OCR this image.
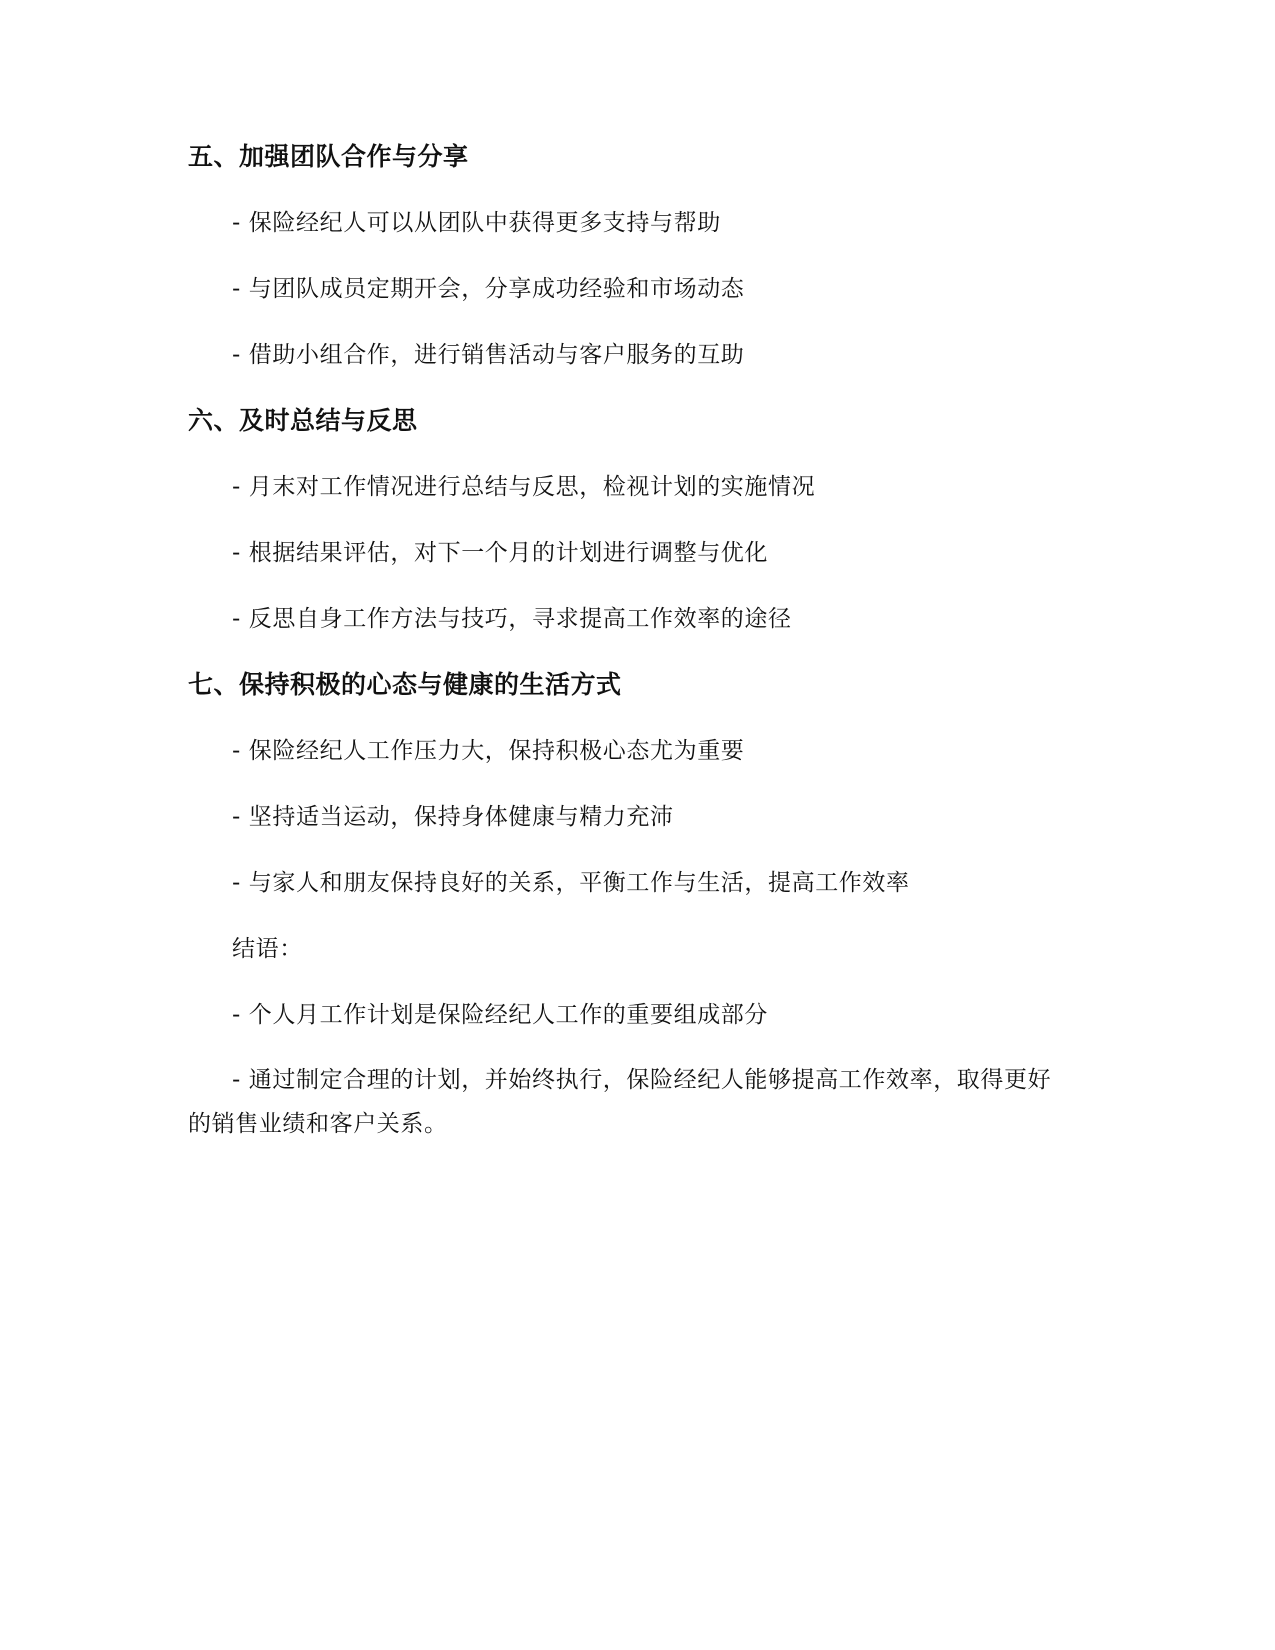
五、加强团队合作与分享

- 保险经纪人可以从团队中获得更多支持与帮助

- 与团队成员定期开会，分享成功经验和市场动态

- 借助小组合作，进行销售活动与客户服务的互助

六、及时总结与反思

- 月末对工作情况进行总结与反思，检视计划的实施情况

- 根据结果评估，对下一个月的计划进行调整与优化

- 反思自身工作方法与技巧，寻求提高工作效率的途径

七、保持积极的心态与健康的生活方式

- 保险经纪人工作压力大，保持积极心态尤为重要

- 坚持适当运动，保持身体健康与精力充沛

- 与家人和朋友保持良好的关系，平衡工作与生活，提高工作效率

结语：

- 个人月工作计划是保险经纪人工作的重要组成部分

- 通过制定合理的计划，并始终执行，保险经纪人能够提高工作效率，取得更好的销售业绩和客户关系。
